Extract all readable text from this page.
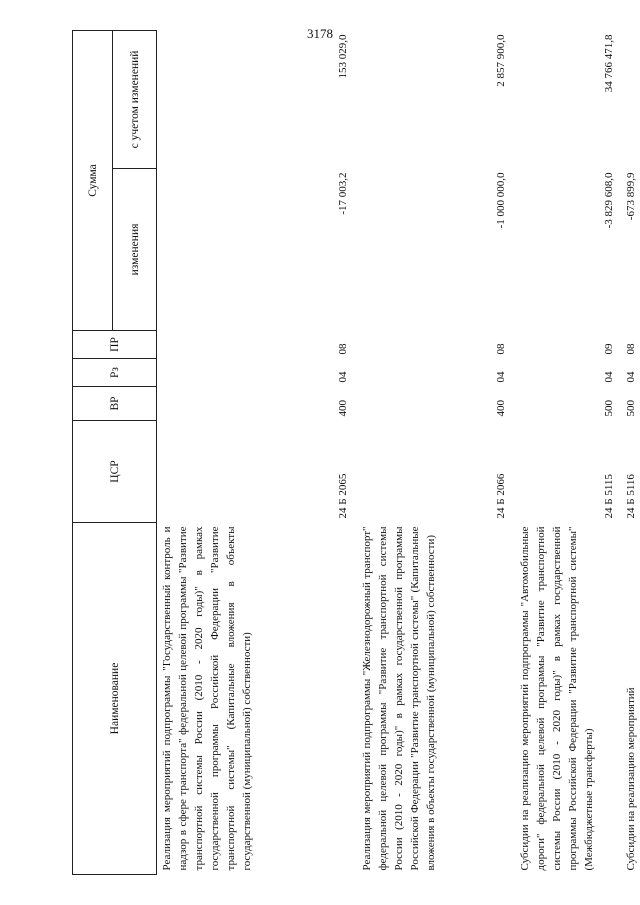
3178
Наименование	ЦСР	ВР	Рз	ПР	Сумма	
					изменения	с учетом изменений
Реализация мероприятий подпрограммы "Государственный контроль и надзор в сфере транспорта" федеральной целевой программы "Развитие транспортной системы России (2010 - 2020 годы)" в рамках государственной программы Российской Федерации "Развитие транспортной системы" (Капитальные вложения в объекты государственной (муниципальной) собственности)	24 Б 2065	400	04	08	-17 003,2	153 029,0
Реализация мероприятий подпрограммы "Железнодорожный транспорт" федеральной целевой программы "Развитие транспортной системы России (2010 - 2020 годы)" в рамках государственной программы Российской Федерации "Развитие транспортной системы" (Капитальные вложения в объекты государственной (муниципальной) собственности)	24 Б 2066	400	04	08	-1 000 000,0	2 857 900,0
Субсидии на реализацию мероприятий подпрограммы "Автомобильные дороги" федеральной целевой программы "Развитие транспортной системы России (2010 - 2020 годы)" в рамках государственной программы Российской Федерации "Развитие транспортной системы" (Межбюджетные трансферты)	24 Б 5115	500	04	09	-3 829 608,0	34 766 471,8
Субсидии на реализацию мероприятий	24 Б 5116	500	04	08	-673 899,9	
